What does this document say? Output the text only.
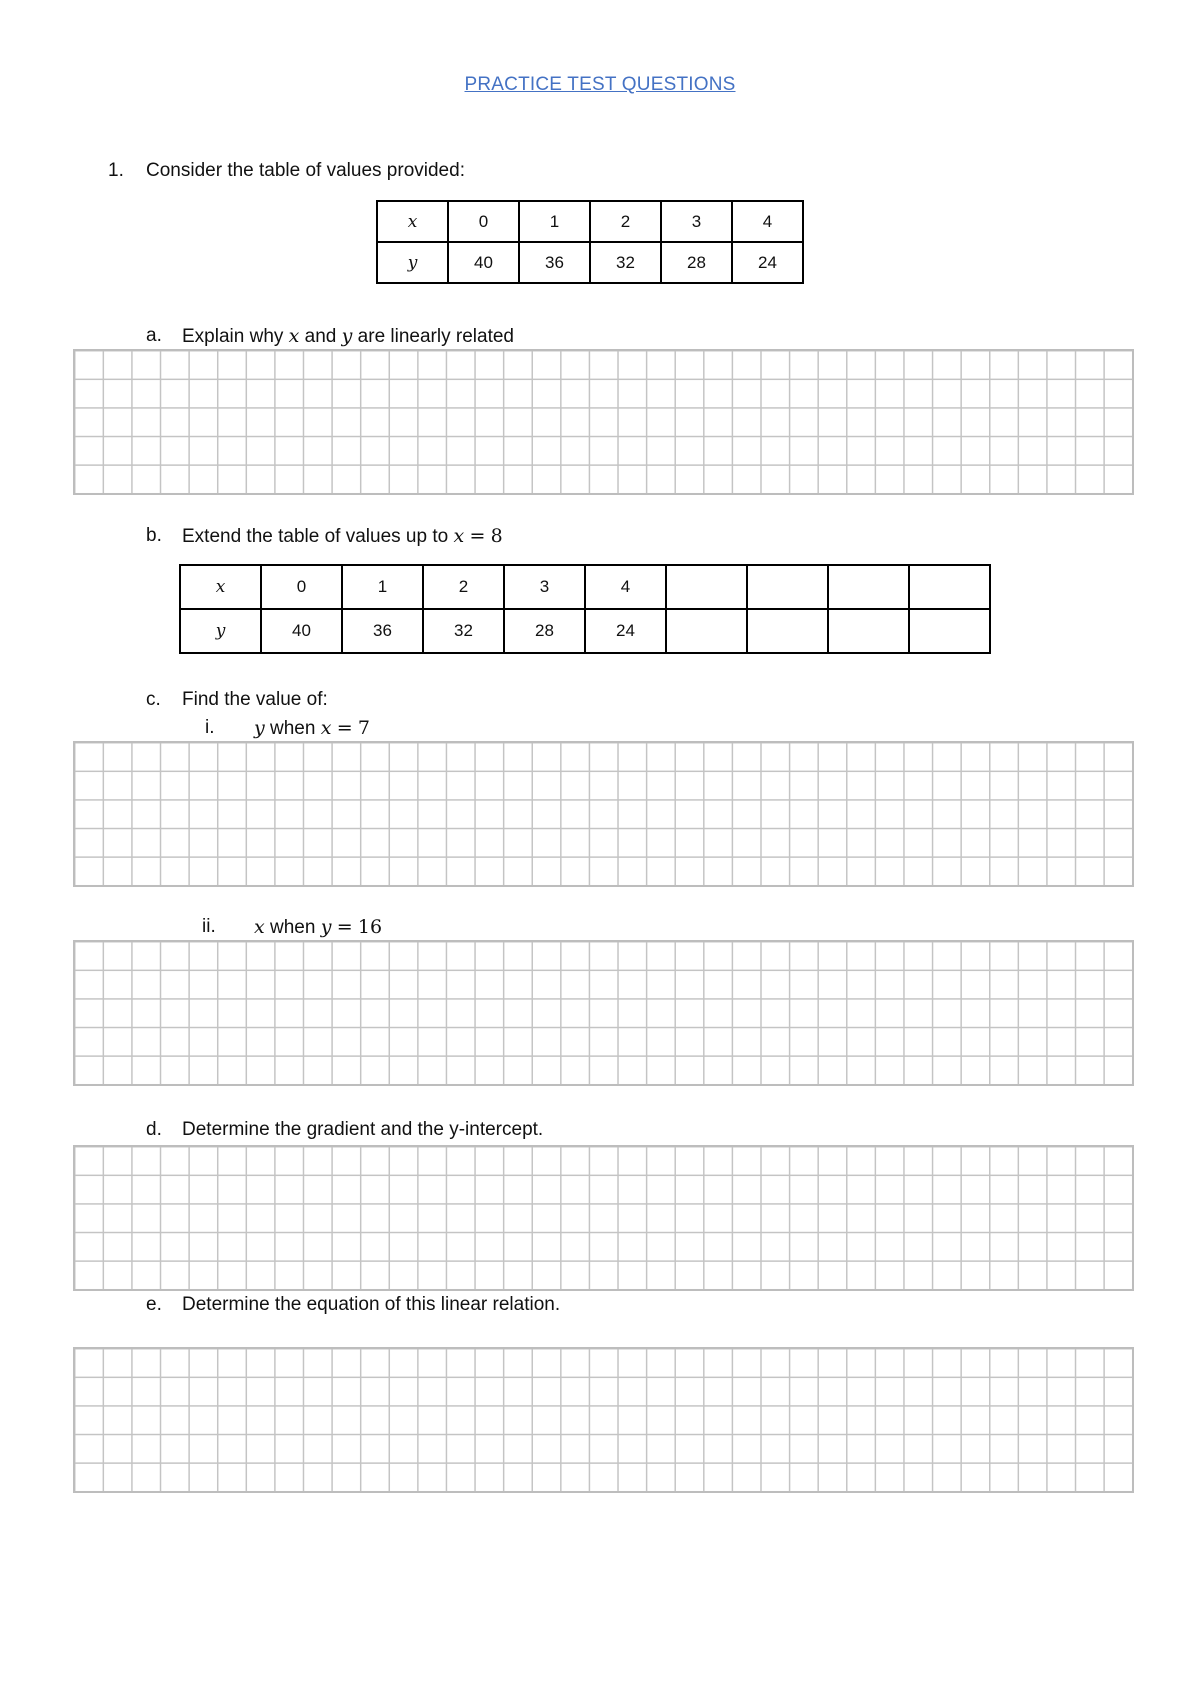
PRACTICE TEST QUESTIONS
1. Consider the table of values provided:
x	0	1	2	3	4
y	40	36	32	28	24
a. Explain why x and y are linearly related
b. Extend the table of values up to x = 8
x	0	1	2	3	4				
y	40	36	32	28	24				
c. Find the value of:
i. y when x = 7
ii. x when y = 16
d. Determine the gradient and the y-intercept.
e. Determine the equation of this linear relation.
